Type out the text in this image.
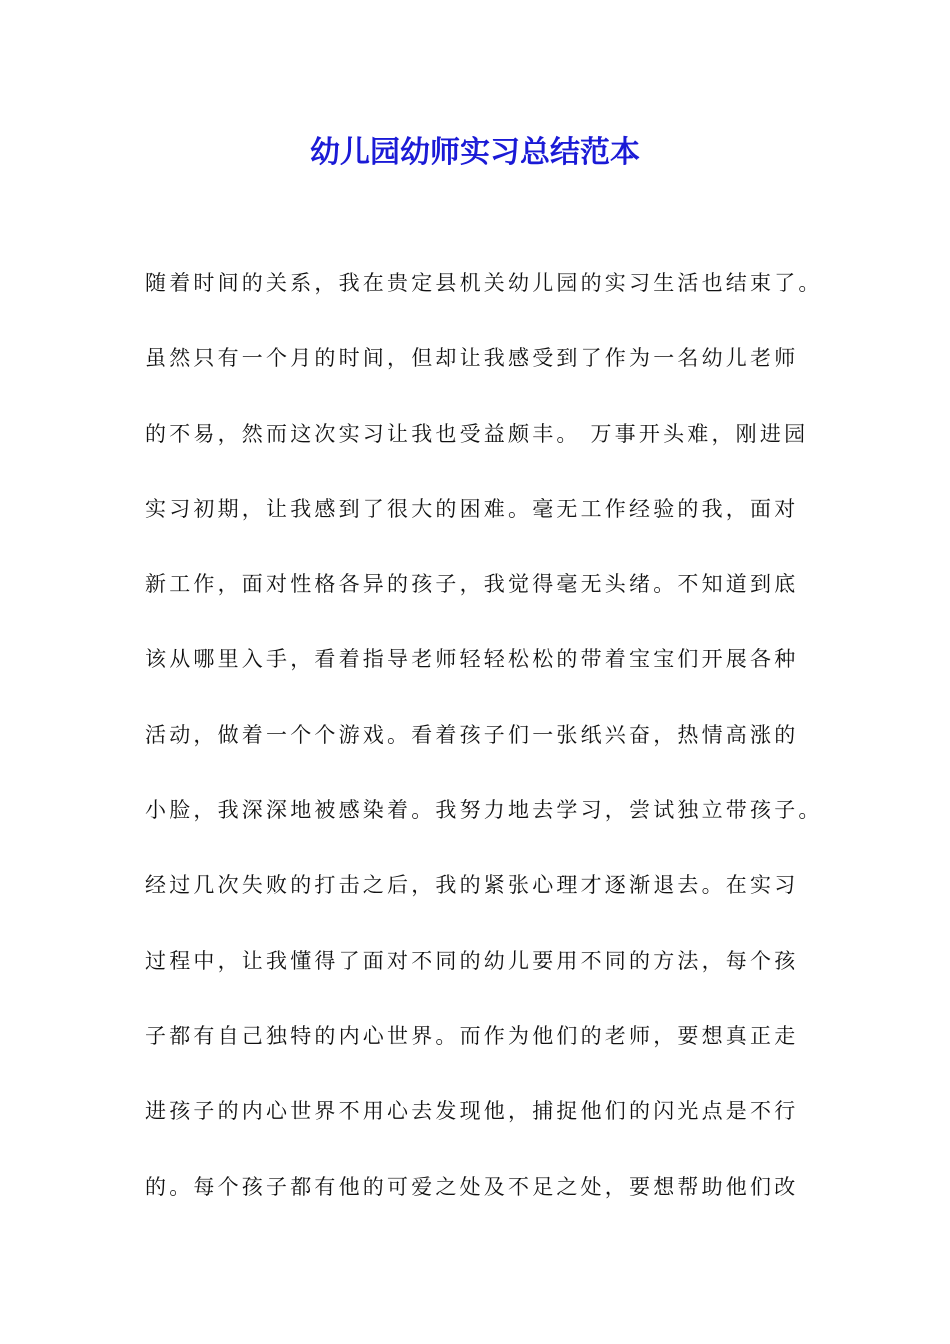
幼儿园幼师实习总结范本
随着时间的关系，我在贵定县机关幼儿园的实习生活也结束了。
虽然只有一个月的时间，但却让我感受到了作为一名幼儿老师
的不易，然而这次实习让我也受益颇丰。 万事开头难，刚进园
实习初期，让我感到了很大的困难。毫无工作经验的我，面对
新工作，面对性格各异的孩子，我觉得毫无头绪。不知道到底
该从哪里入手，看着指导老师轻轻松松的带着宝宝们开展各种
活动，做着一个个游戏。看着孩子们一张纸兴奋，热情高涨的
小脸，我深深地被感染着。我努力地去学习，尝试独立带孩子。
经过几次失败的打击之后，我的紧张心理才逐渐退去。在实习
过程中，让我懂得了面对不同的幼儿要用不同的方法，每个孩
子都有自己独特的内心世界。而作为他们的老师，要想真正走
进孩子的内心世界不用心去发现他，捕捉他们的闪光点是不行
的。每个孩子都有他的可爱之处及不足之处，要想帮助他们改
